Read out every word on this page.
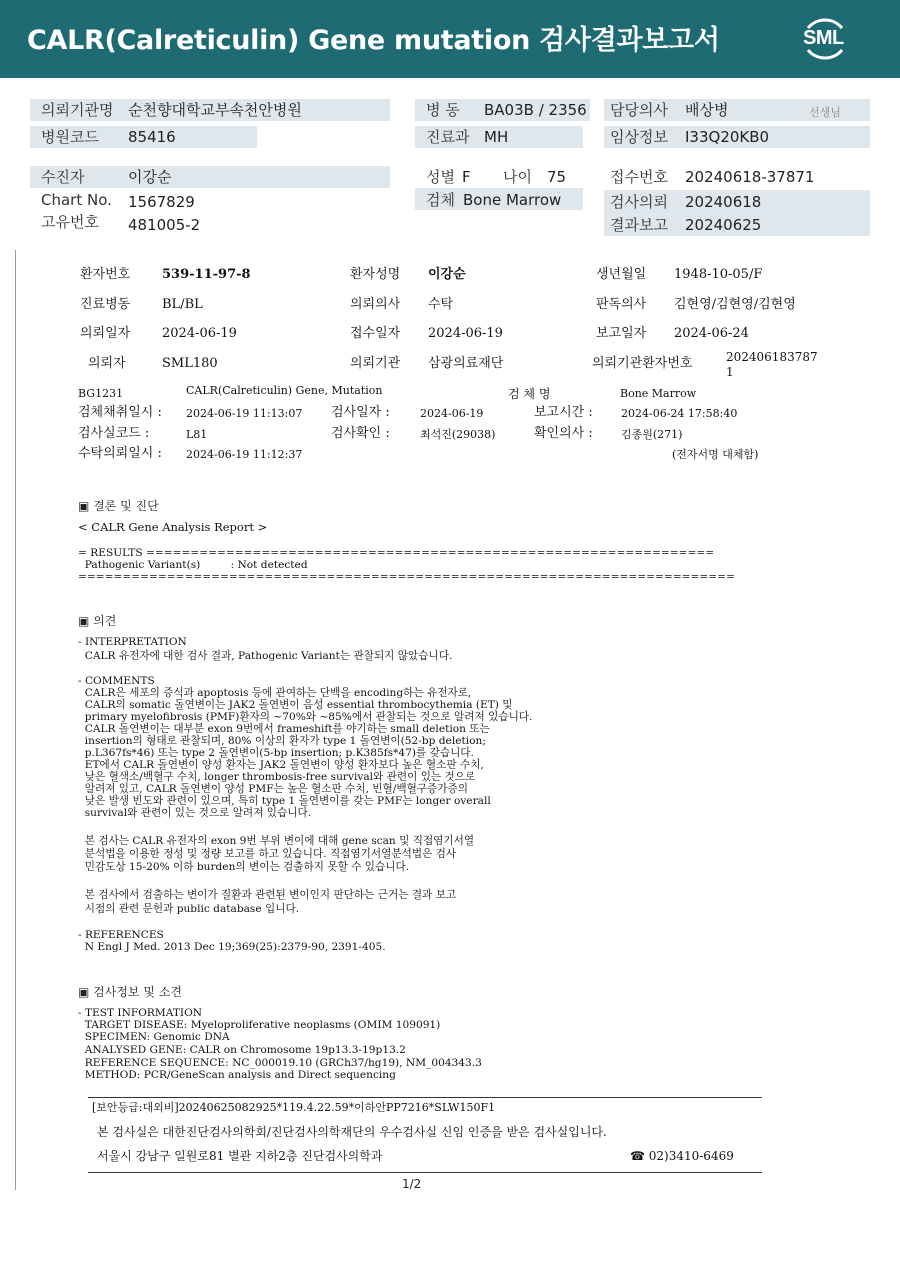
CALR(Calreticulin) Gene mutation 검사결과보고서	SML
의뢰기관명 순천향대학교부속천안병원
병원코드 85416
병 동 BA03B / 2356
진료과 MH
담당의사 배상병	선생님
임상정보 I33Q20KB0
수진자	이강순
Chart No. 1567829
고유번호 481005-2
성별 F 나이 75
검체 Bone Marrow
접수번호 20240618-37871
검사의뢰 20240618
결과보고 20240625
환자번호 539-11-97-8	환자성명 이강순	생년월일 1948-10-05/F
진료병동 BL/BL	의뢰의사 수탁	판독의사 김현영/김현영/김현영
의뢰일자 2024-06-19	접수일자 2024-06-19	보고일자 2024-06-24
의뢰자	SML180	의뢰기관 삼광의료재단	의뢰기관환자번호	202406183787
1
BG1231	CALR(Calreticulin) Gene, Mutation	검 체 명	Bone Marrow
검체채취일시 : 2024-06-19 11:13:07 검사일자 :	2024-06-19	보고시간 :	2024-06-24 17:58:40
검사실코드 :	L81	검사확인 :	최석진(29038)	확인의사 :	김종원(271)
수탁의뢰일시 : 2024-06-19 11:12:37	(전자서명 대체함)
▣ 결론 및 진단
< CALR Gene Analysis Report >
= RESULTS ================================================================
Pathogenic Variant(s)         : Not detected
==========================================================================
▣ 의견
- INTERPRETATION
CALR 유전자에 대한 검사 결과, Pathogenic Variant는 관찰되지 않았습니다.
- COMMENTS
CALR은 세포의 증식과 apoptosis 등에 관여하는 단백을 encoding하는 유전자로,
CALR의 somatic 돌연변이는 JAK2 돌연변이 음성 essential thrombocythemia (ET) 및
primary myelofibrosis (PMF)환자의 ~70%와 ~85%에서 관찰되는 것으로 알려져 있습니다.
CALR 돌연변이는 대부분 exon 9번에서 frameshift를 야기하는 small deletion 또는
insertion의 형태로 관찰되며, 80% 이상의 환자가 type 1 돌연변이(52-bp deletion;
p.L367fs*46) 또는 type 2 돌연변이(5-bp insertion; p.K385fs*47)를 갖습니다.
ET에서 CALR 돌연변이 양성 환자는 JAK2 돌연변이 양성 환자보다 높은 혈소판 수치,
낮은 혈색소/백혈구 수치, longer thrombosis-free survival와 관련이 있는 것으로
알려져 있고, CALR 돌연변이 양성 PMF는 높은 혈소판 수치, 빈혈/백혈구증가증의
낮은 발생 빈도와 관련이 있으며, 특히 type 1 돌연변이를 갖는 PMF는 longer overall
survival와 관련이 있는 것으로 알려져 있습니다.
본 검사는 CALR 유전자의 exon 9번 부위 변이에 대해 gene scan 및 직접염기서열
분석법을 이용한 정성 및 정량 보고를 하고 있습니다. 직접염기서열분석법은 검사
민감도상 15-20% 이하 burden의 변이는 검출하지 못할 수 있습니다.
본 검사에서 검출하는 변이가 질환과 관련된 변이인지 판단하는 근거는 결과 보고
시점의 관련 문헌과 public database 입니다.
- REFERENCES
N Engl J Med. 2013 Dec 19;369(25):2379-90, 2391-405.
▣ 검사정보 및 소견
- TEST INFORMATION
TARGET DISEASE: Myeloproliferative neoplasms (OMIM 109091)
SPECIMEN: Genomic DNA
ANALYSED GENE: CALR on Chromosome 19p13.3-19p13.2
REFERENCE SEQUENCE: NC_000019.10 (GRCh37/hg19), NM_004343.3
METHOD: PCR/GeneScan analysis and Direct sequencing
[보안등급:대외비]20240625082925*119.4.22.59*이하안PP7216*SLW150F1
본 검사실은 대한진단검사의학회/진단검사의학재단의 우수검사실 신임 인증을 받은 검사실입니다.
서울시 강남구 일원로81 별관 지하2층 진단검사의학과	☎ 02)3410-6469
1/2
